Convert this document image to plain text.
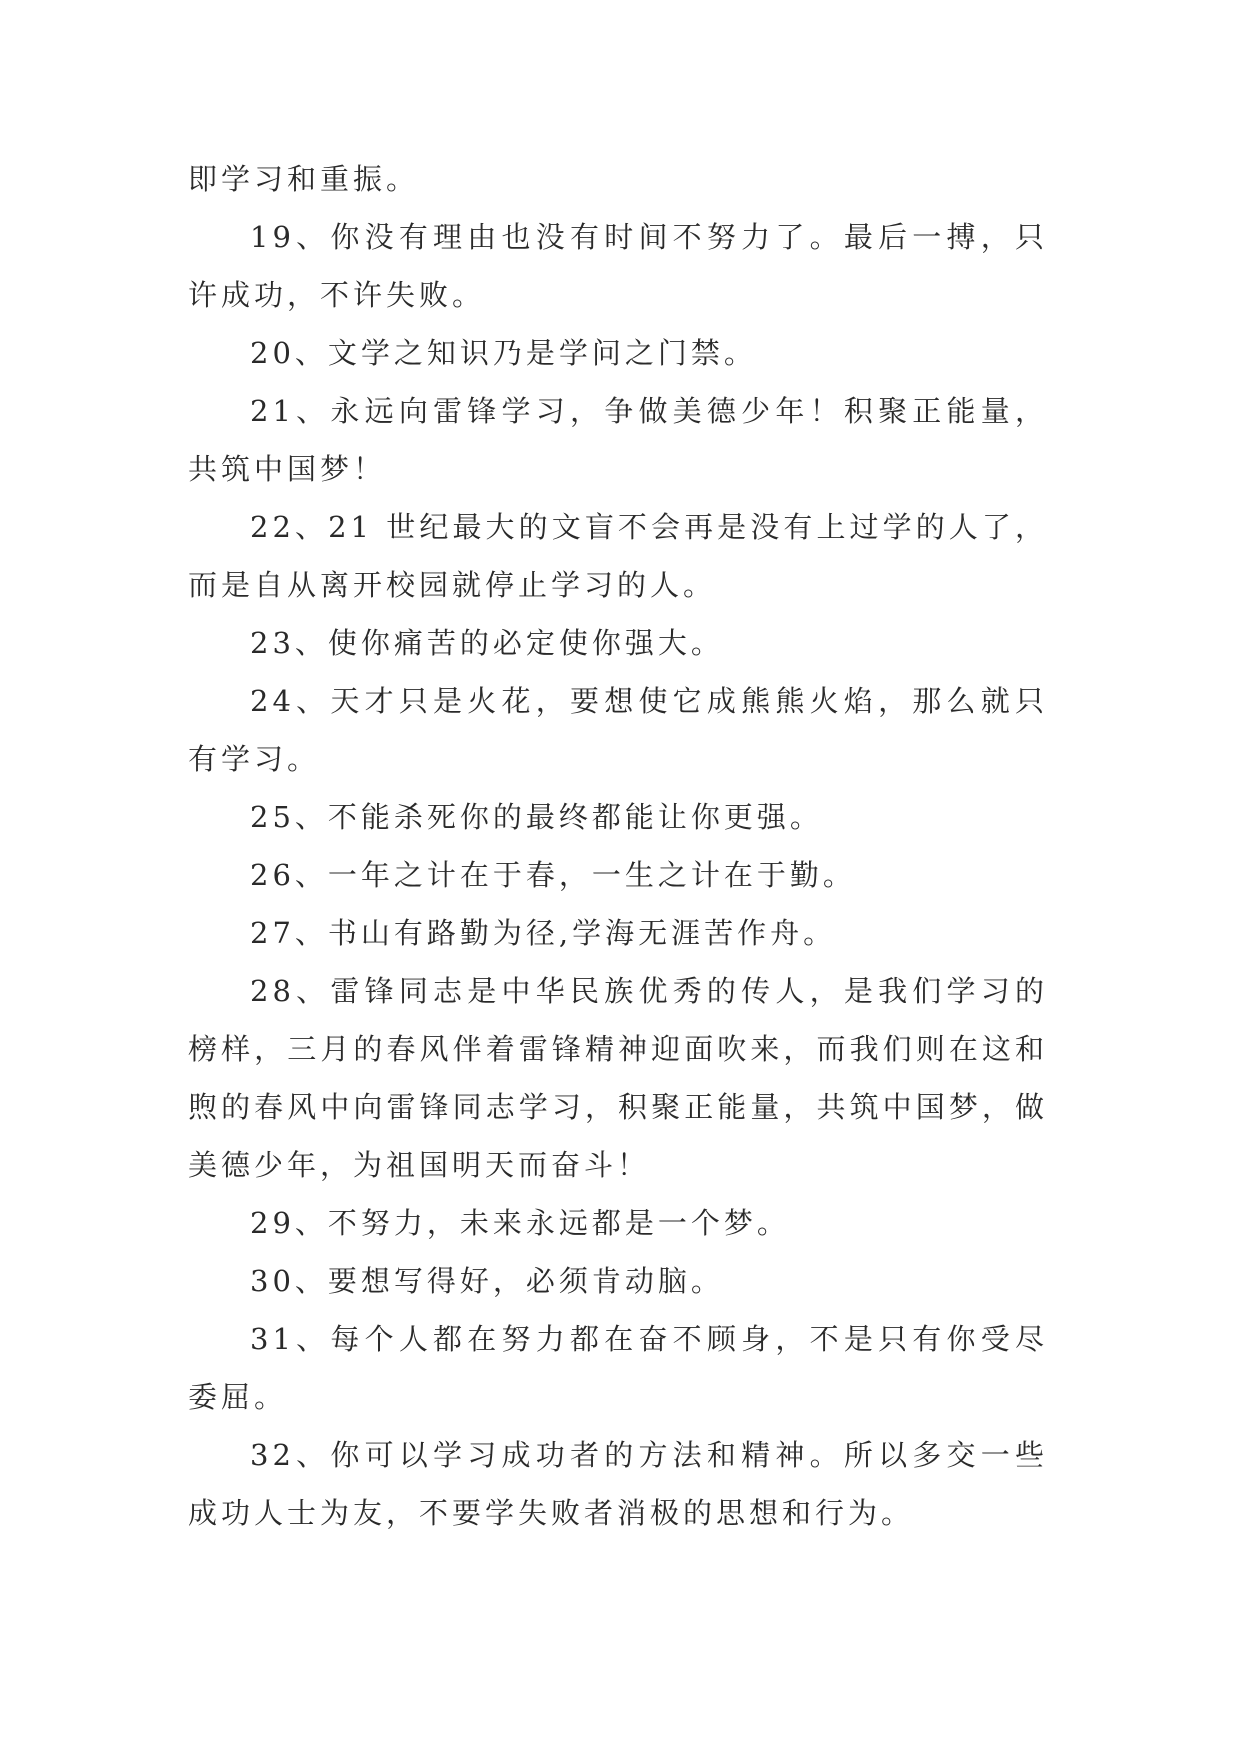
即学习和重振。

19、你没有理由也没有时间不努力了。最后一搏，只许成功，不许失败。

20、文学之知识乃是学问之门禁。

21、永远向雷锋学习，争做美德少年！积聚正能量，共筑中国梦！

22、21 世纪最大的文盲不会再是没有上过学的人了，而是自从离开校园就停止学习的人。

23、使你痛苦的必定使你强大。

24、天才只是火花，要想使它成熊熊火焰，那么就只有学习。

25、不能杀死你的最终都能让你更强。

26、一年之计在于春，一生之计在于勤。

27、书山有路勤为径,学海无涯苦作舟。

28、雷锋同志是中华民族优秀的传人，是我们学习的榜样，三月的春风伴着雷锋精神迎面吹来，而我们则在这和煦的春风中向雷锋同志学习，积聚正能量，共筑中国梦，做美德少年，为祖国明天而奋斗！

29、不努力，未来永远都是一个梦。

30、要想写得好，必须肯动脑。

31、每个人都在努力都在奋不顾身，不是只有你受尽委屈。

32、你可以学习成功者的方法和精神。所以多交一些成功人士为友，不要学失败者消极的思想和行为。
